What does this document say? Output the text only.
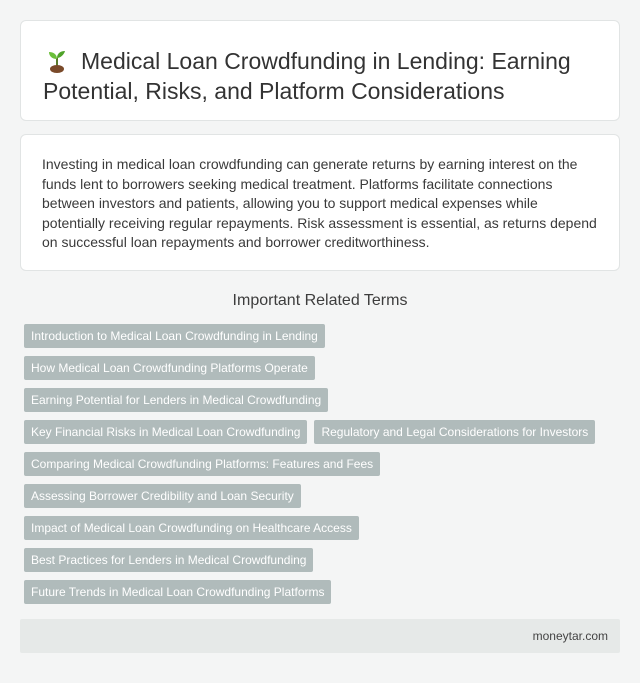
Medical Loan Crowdfunding in Lending: Earning Potential, Risks, and Platform Considerations

Investing in medical loan crowdfunding can generate returns by earning interest on the funds lent to borrowers seeking medical treatment. Platforms facilitate connections between investors and patients, allowing you to support medical expenses while potentially receiving regular repayments. Risk assessment is essential, as returns depend on successful loan repayments and borrower creditworthiness.

Important Related Terms
Introduction to Medical Loan Crowdfunding in Lending
How Medical Loan Crowdfunding Platforms Operate
Earning Potential for Lenders in Medical Crowdfunding
Key Financial Risks in Medical Loan Crowdfunding	Regulatory and Legal Considerations for Investors
Comparing Medical Crowdfunding Platforms: Features and Fees
Assessing Borrower Credibility and Loan Security
Impact of Medical Loan Crowdfunding on Healthcare Access
Best Practices for Lenders in Medical Crowdfunding
Future Trends in Medical Loan Crowdfunding Platforms
moneytar.com
